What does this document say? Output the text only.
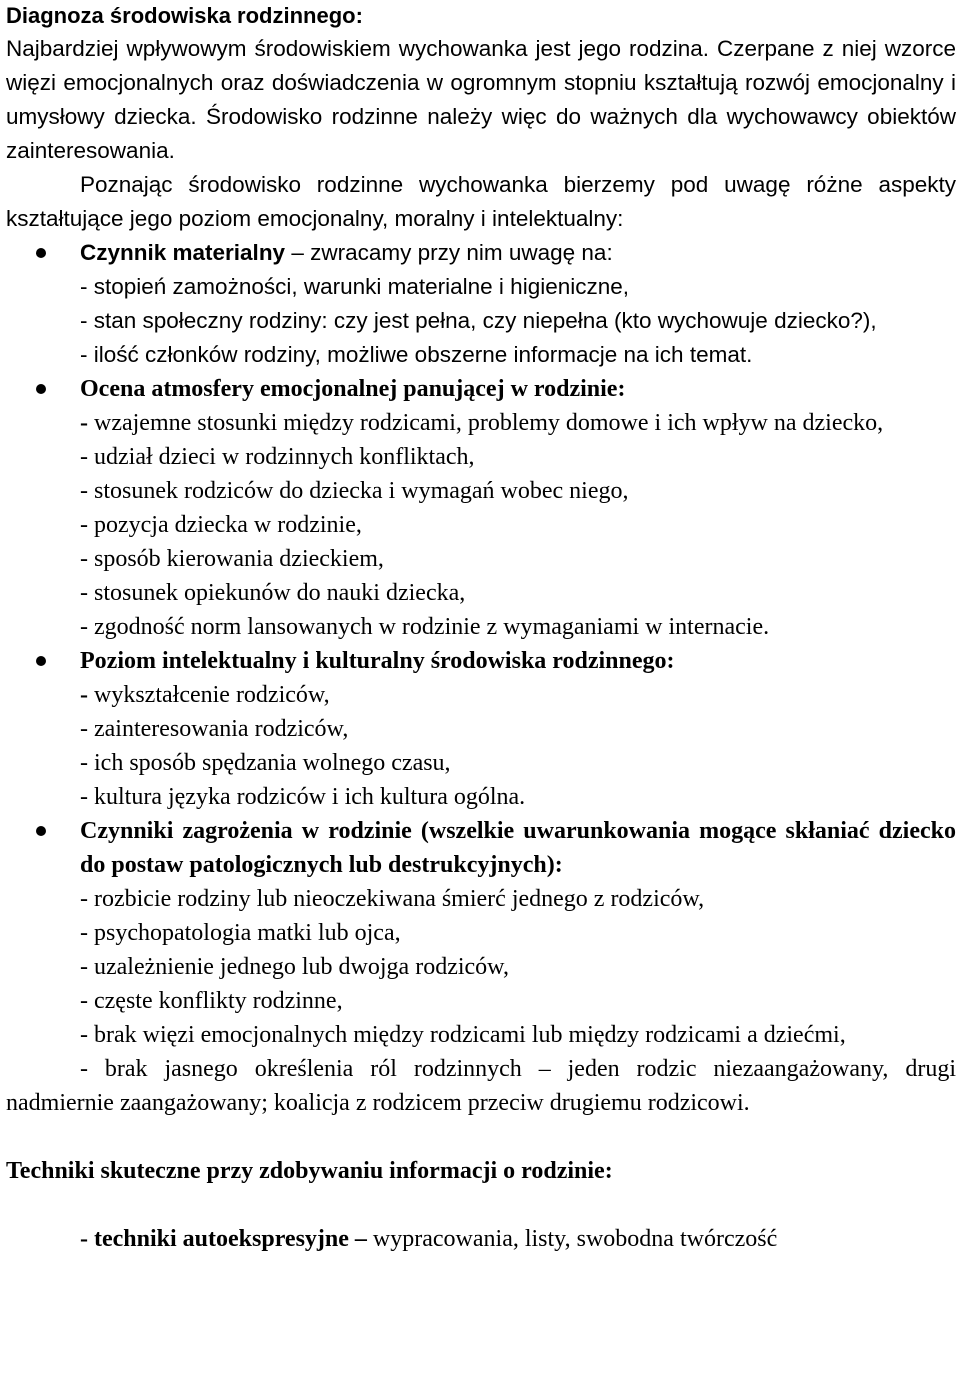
Diagnoza środowiska rodzinnego:

Najbardziej wpływowym środowiskiem wychowanka jest jego rodzina. Czerpane z niej wzorce więzi emocjonalnych oraz doświadczenia w ogromnym stopniu kształtują rozwój emocjonalny i umysłowy dziecka. Środowisko rodzinne należy więc do ważnych dla wychowawcy obiektów zainteresowania.

Poznając środowisko rodzinne wychowanka bierzemy pod uwagę różne aspekty kształtujące jego poziom emocjonalny, moralny i intelektualny:

Czynnik materialny – zwracamy przy nim uwagę na:

- stopień zamożności, warunki materialne i higieniczne,

- stan społeczny rodziny: czy jest pełna, czy niepełna (kto wychowuje dziecko?),

- ilość członków rodziny, możliwe obszerne informacje na ich temat.

Ocena atmosfery emocjonalnej panującej w rodzinie:

- wzajemne stosunki między rodzicami, problemy domowe i ich wpływ na dziecko,

- udział dzieci w rodzinnych konfliktach,

- stosunek rodziców do dziecka i wymagań wobec niego,

- pozycja dziecka w rodzinie,

- sposób kierowania dzieckiem,

- stosunek opiekunów do nauki dziecka,

- zgodność norm lansowanych w rodzinie z wymaganiami w internacie.

Poziom intelektualny i kulturalny środowiska rodzinnego:

- wykształcenie rodziców,

- zainteresowania rodziców,

- ich sposób spędzania wolnego czasu,

- kultura języka rodziców i ich kultura ogólna.

Czynniki zagrożenia w rodzinie (wszelkie uwarunkowania mogące skłaniać dziecko do postaw patologicznych lub destrukcyjnych):

- rozbicie rodziny lub nieoczekiwana śmierć jednego z rodziców,

- psychopatologia matki lub ojca,

- uzależnienie jednego lub dwojga rodziców,

- częste konflikty rodzinne,

- brak więzi emocjonalnych między rodzicami lub między rodzicami a dziećmi,

- brak jasnego określenia ról rodzinnych – jeden rodzic niezaangażowany, drugi nadmiernie zaangażowany; koalicja z rodzicem przeciw drugiemu rodzicowi.

Techniki skuteczne przy zdobywaniu informacji o rodzinie:

- techniki autoekspresyjne – wypracowania, listy, swobodna twórczość
